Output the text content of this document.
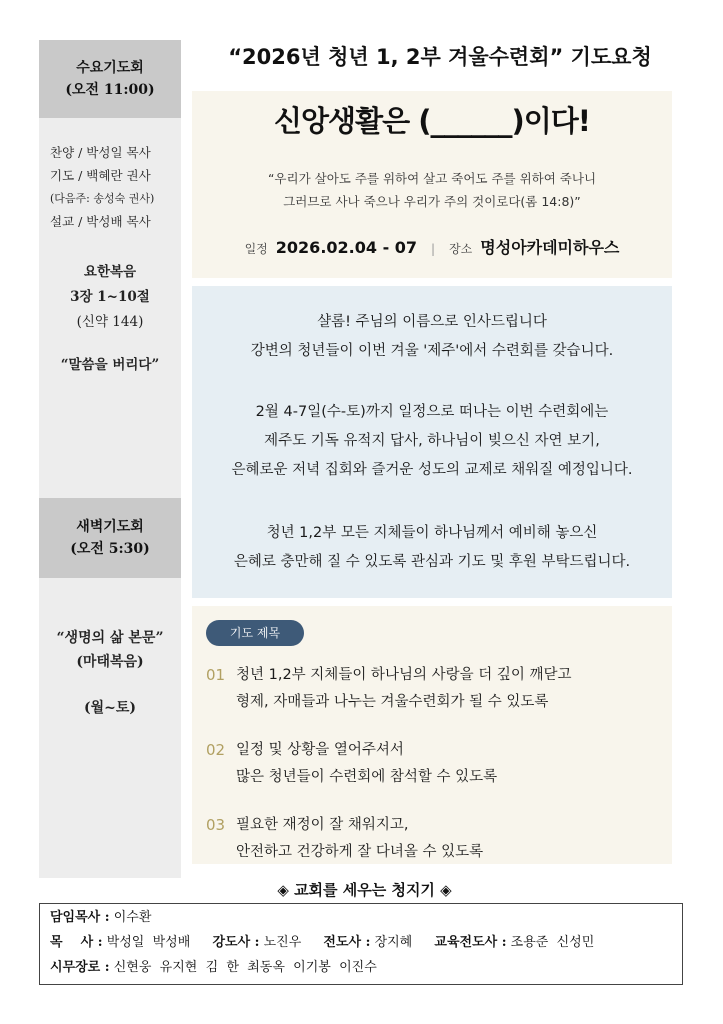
수요기도회
(오전 11:00)
찬양 / 박성일 목사
기도 / 백혜란 권사
(다음주: 송성숙 권사)
설교 / 박성배 목사
요한복음
3장 1~10절
(신약 144)
“말씀을 버리다”
새벽기도회
(오전 5:30)
“생명의 삶 본문”
(마태복음)
(월~토)
“2026년 청년 1, 2부 겨울수련회” 기도요청
신앙생활은 (______)이다!
“우리가 살아도 주를 위하여 살고 죽어도 주를 위하여 죽나니
그러므로 사나 죽으나 우리가 주의 것이로다(롬 14:8)”
일정 2026.02.04 - 07 | 장소 명성아카데미하우스
샬롬! 주님의 이름으로 인사드립니다
강변의 청년들이 이번 겨울 '제주'에서 수련회를 갖습니다.
2월 4-7일(수-토)까지 일정으로 떠나는 이번 수련회에는
제주도 기독 유적지 답사, 하나님이 빚으신 자연 보기,
은혜로운 저녁 집회와 즐거운 성도의 교제로 채워질 예정입니다.
청년 1,2부 모든 지체들이 하나님께서 예비해 놓으신
은혜로 충만해 질 수 있도록 관심과 기도 및 후원 부탁드립니다.
기도 제목
01 청년 1,2부 지체들이 하나님의 사랑을 더 깊이 깨닫고
형제, 자매들과 나누는 겨울수련회가 될 수 있도록
02 일정 및 상황을 열어주셔서
많은 청년들이 수련회에 참석할 수 있도록
03 필요한 재정이 잘 채워지고,
안전하고 건강하게 잘 다녀올 수 있도록
◈ 교회를 세우는 청지기 ◈
담임목사 : 이수환
목    사 : 박성일  박성배 강도사 : 노진우 전도사 : 장지혜 교육전도사 : 조용준  신성민
시무장로 : 신현웅  유지현  김  한  최동옥  이기봉  이진수
